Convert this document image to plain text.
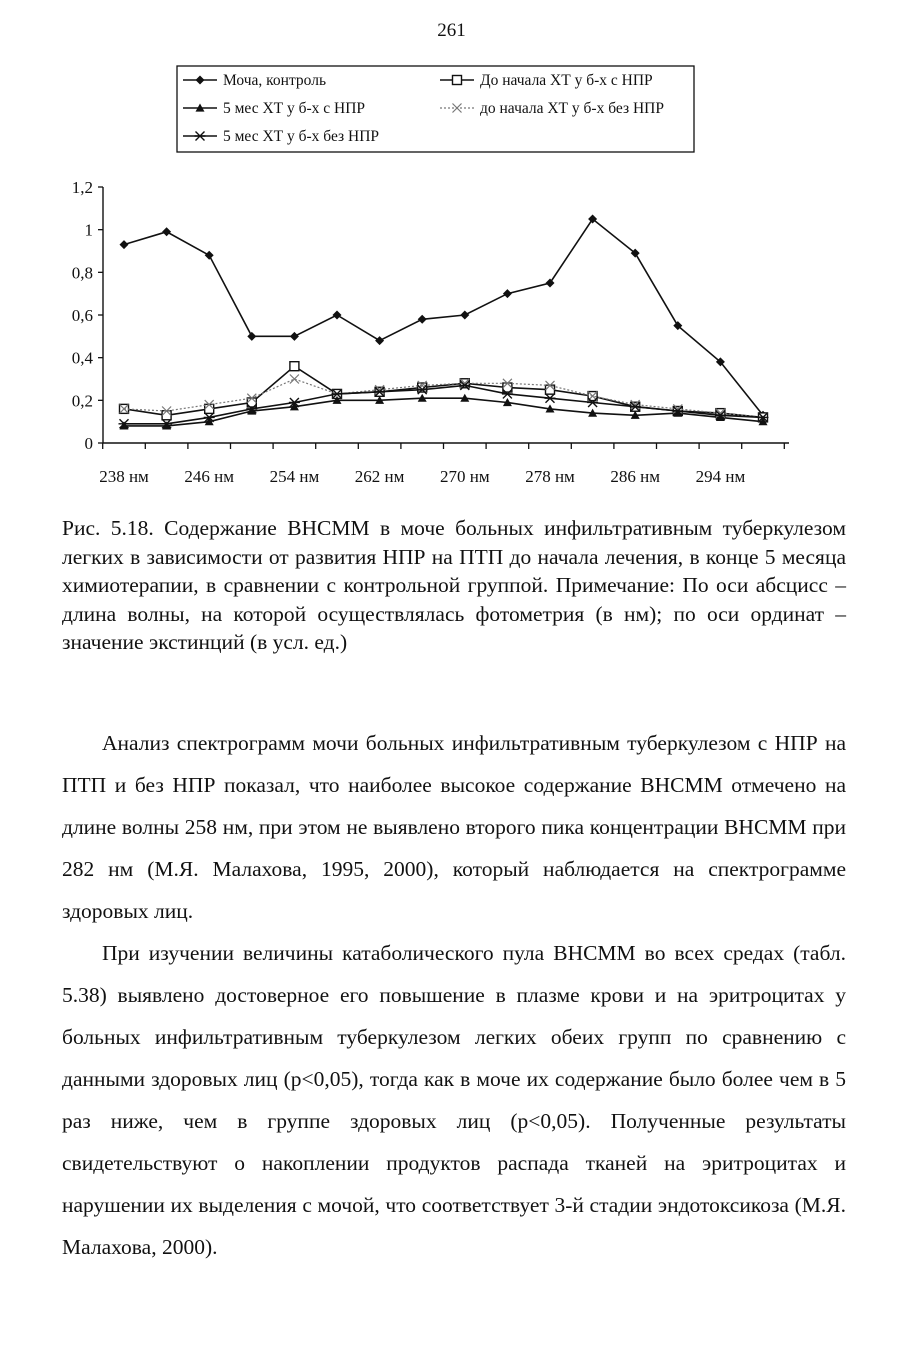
261
Моча, контроль	До начала ХТ у б-х с НПР
5 мес ХТ у б-х с НПР	до начала ХТ у б-х без НПР
5 мес ХТ у б-х без НПР
0
0,2
0,4
0,6
0,8
1
1,2
238 нм 246 нм 254 нм 262 нм 270 нм 278 нм 286 нм 294 нм
Рис. 5.18. Содержание ВНСММ в моче больных инфильтративным туберкулезом легких в зависимости от развития НПР на ПТП до начала лечения, в конце 5 месяца химиотерапии, в сравнении с контрольной группой. Примечание: По оси абсцисс – длина волны, на которой осуществлялась фотометрия (в нм); по оси ординат – значение экстинций (в усл. ед.)

Анализ спектрограмм мочи больных инфильтративным туберкулезом с НПР на ПТП и без НПР показал, что наиболее высокое содержание ВНСММ отмечено на длине волны 258 нм, при этом не выявлено второго пика концентрации ВНСММ при 282 нм (М.Я. Малахова, 1995, 2000), который наблюдается на спектрограмме здоровых лиц.

При изучении величины катаболического пула ВНСММ во всех средах (табл. 5.38) выявлено достоверное его повышение в плазме крови и на эритроцитах у больных инфильтративным туберкулезом легких обеих групп по сравнению с данными здоровых лиц (p<0,05), тогда как в моче их содержание было более чем в 5 раз ниже, чем в группе здоровых лиц (p<0,05). Полученные результаты свидетельствуют о накоплении продуктов распада тканей на эритроцитах и нарушении их выделения с мочой, что соответствует 3-й стадии эндотоксикоза (М.Я. Малахова, 2000).
